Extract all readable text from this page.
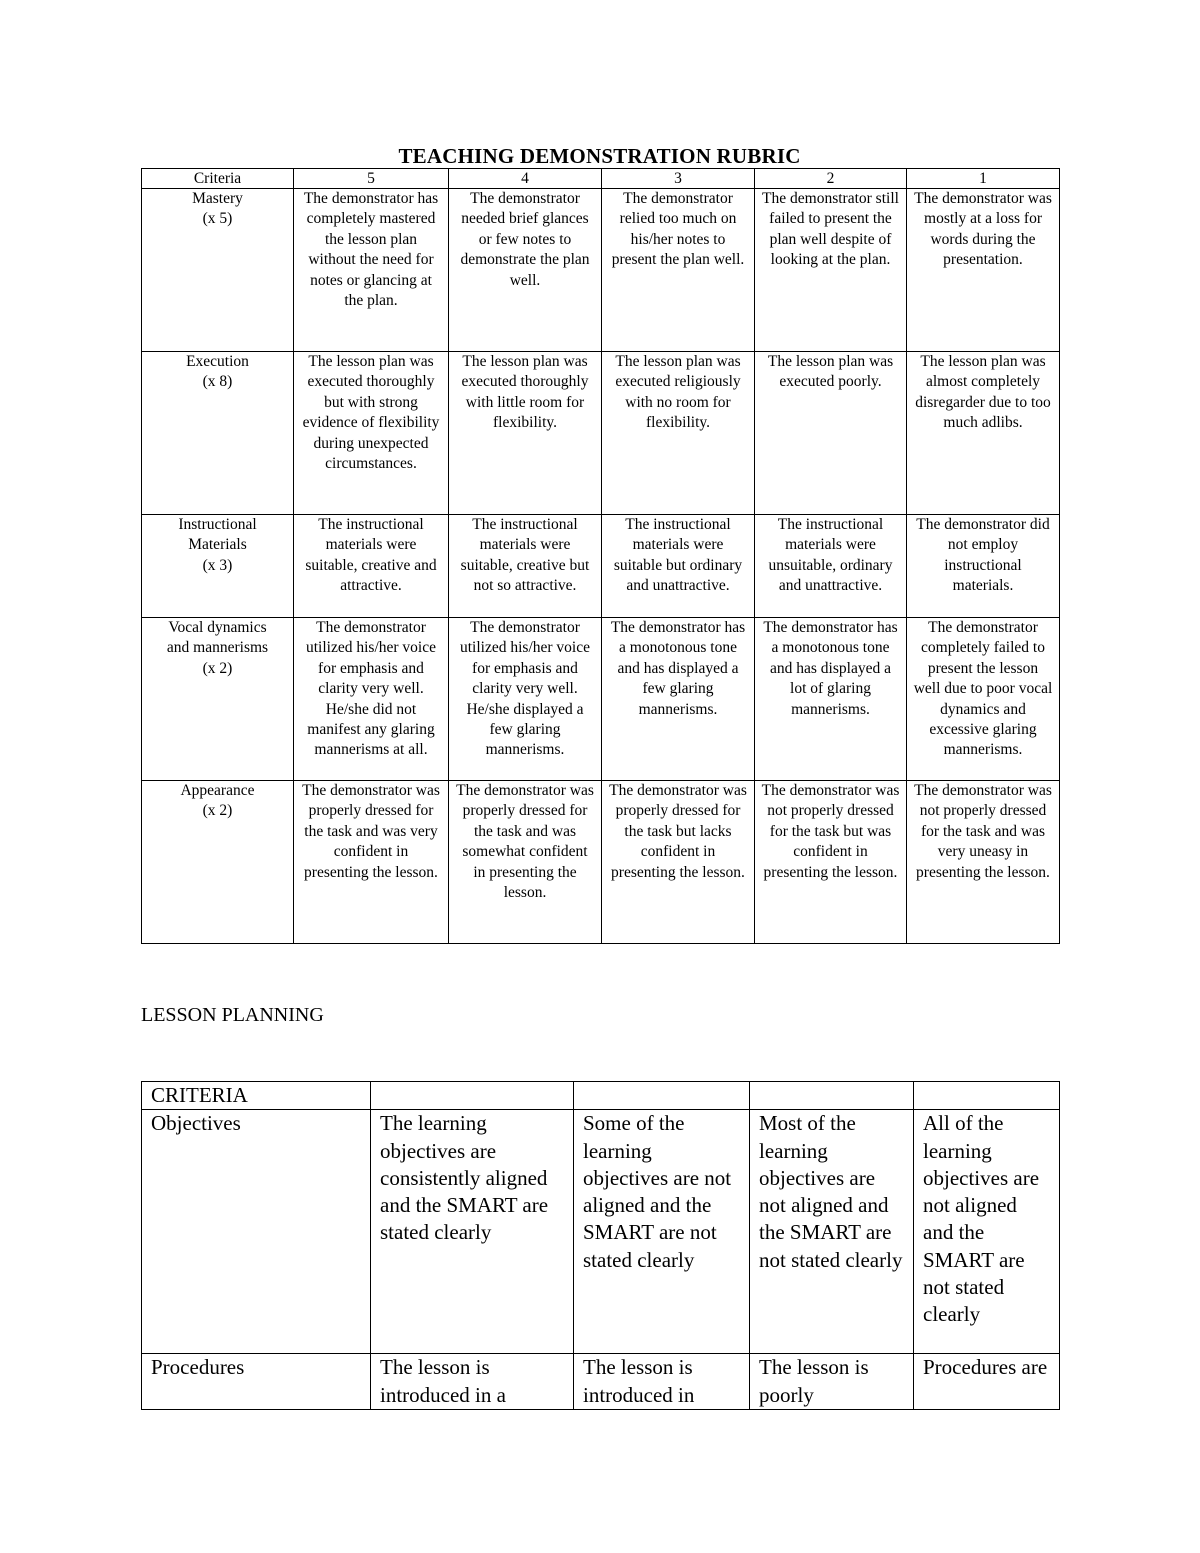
TEACHING DEMONSTRATION RUBRIC
Criteria	5	4	3	2	1

Mastery
(x 5)	The demonstrator has completely mastered the lesson plan without the need for notes or glancing at the plan.	The demonstrator needed brief glances or few notes to demonstrate the plan well.	The demonstrator relied too much on his/her notes to present the plan well.	The demonstrator still failed to present the plan well despite of looking at the plan.	The demonstrator was mostly at a loss for words during the presentation.

Execution
(x 8)	The lesson plan was executed thoroughly but with strong evidence of flexibility during unexpected circumstances.	The lesson plan was executed thoroughly with little room for flexibility.	The lesson plan was executed religiously with no room for flexibility.	The lesson plan was executed poorly.	The lesson plan was almost completely disregarder due to too much adlibs.

Instructional
Materials
(x 3)	The instructional materials were suitable, creative and attractive.	The instructional materials were suitable, creative but not so attractive.	The instructional materials were suitable but ordinary and unattractive.	The instructional materials were unsuitable, ordinary and unattractive.	The demonstrator did not employ instructional materials.

Vocal dynamics
and mannerisms
(x 2)	The demonstrator utilized his/her voice for emphasis and clarity very well. He/she did not manifest any glaring mannerisms at all.	The demonstrator utilized his/her voice for emphasis and clarity very well. He/she displayed a few glaring mannerisms.	The demonstrator has a monotonous tone and has displayed a few glaring mannerisms.	The demonstrator has a monotonous tone and has displayed a lot of glaring mannerisms.	The demonstrator completely failed to present the lesson well due to poor vocal dynamics and excessive glaring mannerisms.

Appearance
(x 2)	The demonstrator was properly dressed for the task and was very confident in presenting the lesson.	The demonstrator was properly dressed for the task and was somewhat confident in presenting the lesson.	The demonstrator was properly dressed for the task but lacks confident in presenting the lesson.	The demonstrator was not properly dressed for the task but was confident in presenting the lesson.	The demonstrator was not properly dressed for the task and was very uneasy in presenting the lesson.
LESSON PLANNING
CRITERIA				
Objectives	The learning objectives are consistently aligned and the SMART are stated clearly	Some of the learning objectives are not aligned and the SMART are not stated clearly	Most of the learning objectives are not aligned and the SMART are not stated clearly	All of the learning objectives are not aligned and the SMART are not stated clearly
Procedures	The lesson is introduced in a	The lesson is introduced in	The lesson is poorly	Procedures are
